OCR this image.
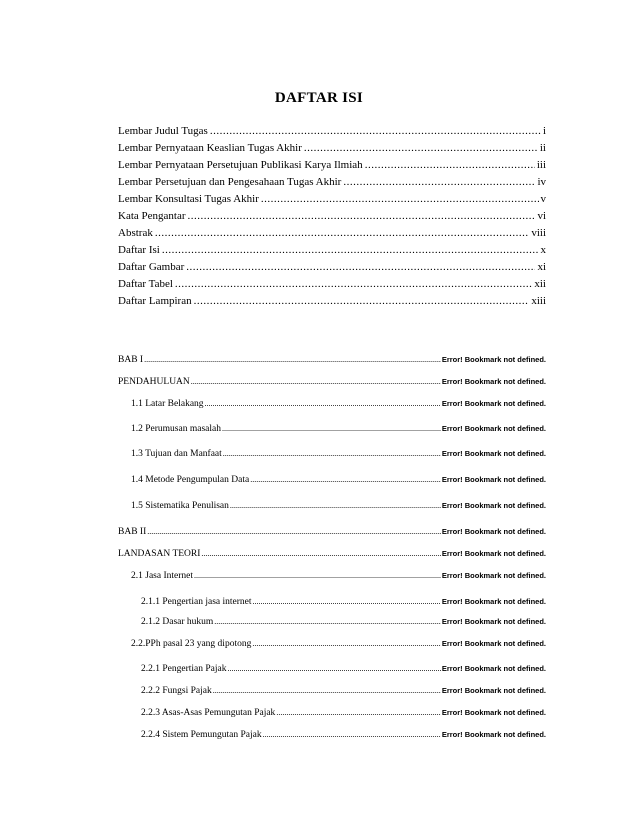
DAFTAR ISI
Lembar Judul Tugas .....	i
Lembar Pernyataan Keaslian Tugas Akhir .....	ii
Lembar Pernyataan Persetujuan Publikasi Karya Ilmiah .....	iii
Lembar Persetujuan dan Pengesahaan Tugas Akhir .....	iv
Lembar Konsultasi Tugas Akhir .....	v
Kata Pengantar .....	vi
Abstrak .....	viii
Daftar Isi .....	x
Daftar Gambar .....	xi
Daftar Tabel .....	xii
Daftar Lampiran .....	xiii
BAB I .....	Error! Bookmark not defined.
PENDAHULUAN .....	Error! Bookmark not defined.
1.1 Latar Belakang .....	Error! Bookmark not defined.
1.2 Perumusan masalah .....	Error! Bookmark not defined.
1.3 Tujuan dan Manfaat .....	Error! Bookmark not defined.
1.4 Metode Pengumpulan Data .....	Error! Bookmark not defined.
1.5 Sistematika Penulisan .....	Error! Bookmark not defined.
BAB II .....	Error! Bookmark not defined.
LANDASAN TEORI .....	Error! Bookmark not defined.
2.1 Jasa Internet .....	Error! Bookmark not defined.
2.1.1 Pengertian jasa internet .....	Error! Bookmark not defined.
2.1.2 Dasar hukum .....	Error! Bookmark not defined.
2.2.PPh pasal 23 yang dipotong .....	Error! Bookmark not defined.
2.2.1 Pengertian Pajak .....	Error! Bookmark not defined.
2.2.2 Fungsi Pajak .....	Error! Bookmark not defined.
2.2.3 Asas-Asas Pemungutan Pajak .....	Error! Bookmark not defined.
2.2.4 Sistem Pemungutan Pajak .....	Error! Bookmark not defined.
